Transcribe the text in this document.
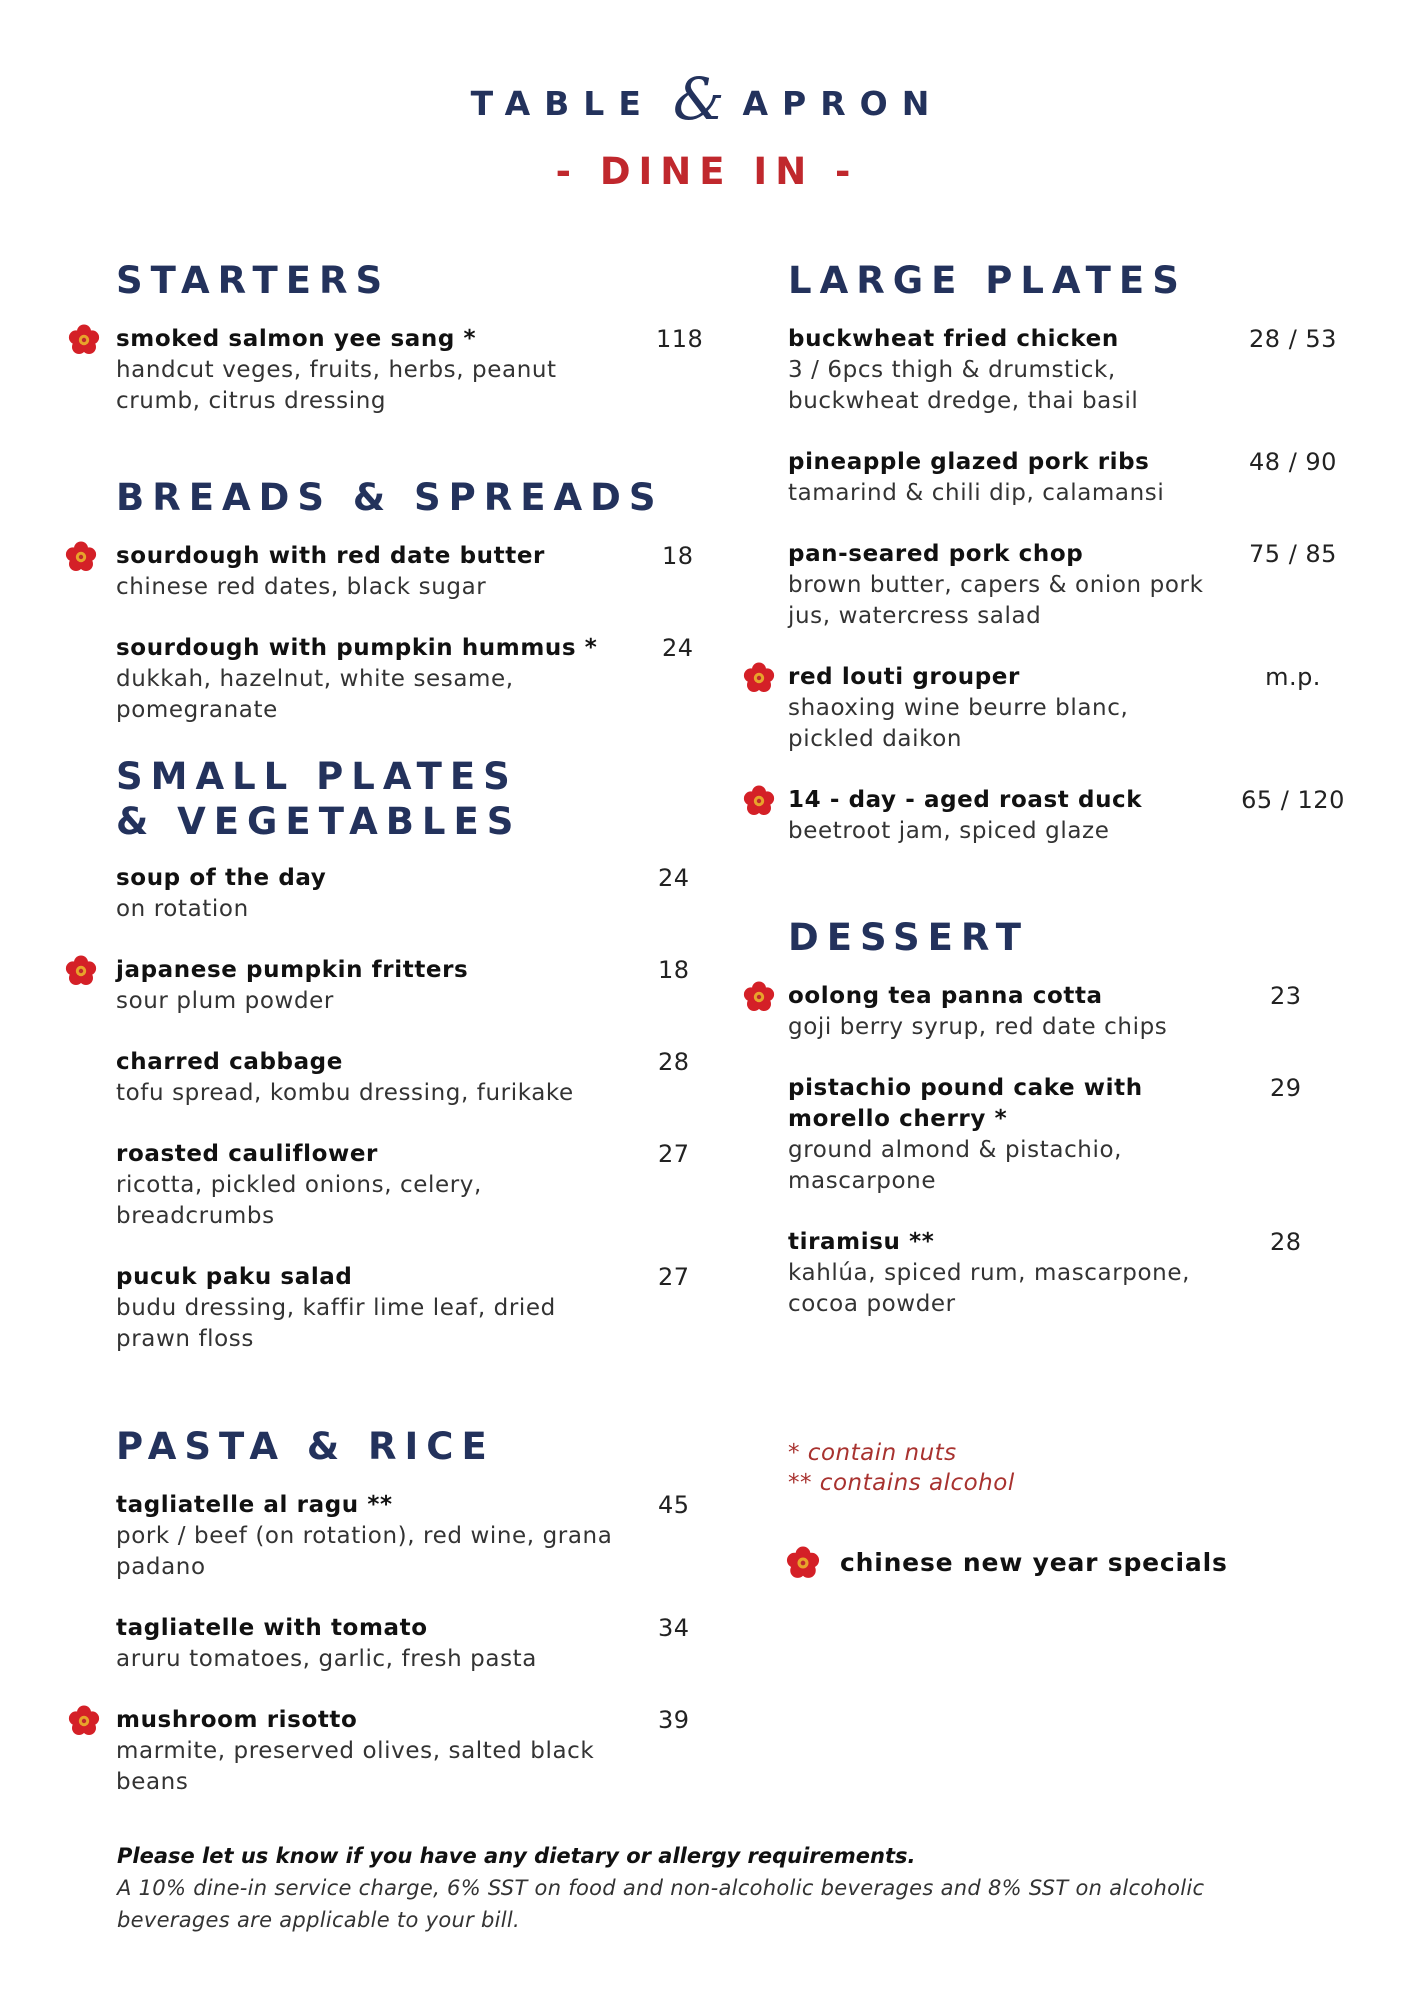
TABLE & APRON
- DINE IN -
STARTERS
smoked salmon yee sang *
handcut veges, fruits, herbs, peanut crumb, citrus dressing
118
BREADS & SPREADS
sourdough with red date butter
chinese red dates, black sugar
18
sourdough with pumpkin hummus *
dukkah, hazelnut, white sesame, pomegranate
24
SMALL PLATES
& VEGETABLES
soup of the day
on rotation
24
japanese pumpkin fritters
sour plum powder
18
charred cabbage
tofu spread, kombu dressing, furikake
28
roasted cauliflower
ricotta, pickled onions, celery, breadcrumbs
27
pucuk paku salad
budu dressing, kaffir lime leaf, dried prawn floss
27
PASTA & RICE
tagliatelle al ragu **
pork / beef (on rotation), red wine, grana padano
45
tagliatelle with tomato
aruru tomatoes, garlic, fresh pasta
34
mushroom risotto
marmite, preserved olives, salted black beans
39
LARGE PLATES
buckwheat fried chicken
3 / 6pcs thigh & drumstick, buckwheat dredge, thai basil
28 / 53
pineapple glazed pork ribs
tamarind & chili dip, calamansi
48 / 90
pan-seared pork chop
brown butter, capers & onion pork jus, watercress salad
75 / 85
red louti grouper
shaoxing wine beurre blanc, pickled daikon
m.p.
14 - day - aged roast duck
beetroot jam, spiced glaze
65 / 120
DESSERT
oolong tea panna cotta
goji berry syrup, red date chips
23
pistachio pound cake with morello cherry *
ground almond & pistachio, mascarpone
29
tiramisu **
kahlúa, spiced rum, mascarpone, cocoa powder
28
* contain nuts
** contains alcohol
chinese new year specials
Please let us know if you have any dietary or allergy requirements.
A 10% dine-in service charge, 6% SST on food and non-alcoholic beverages and 8% SST on alcoholic beverages are applicable to your bill.
